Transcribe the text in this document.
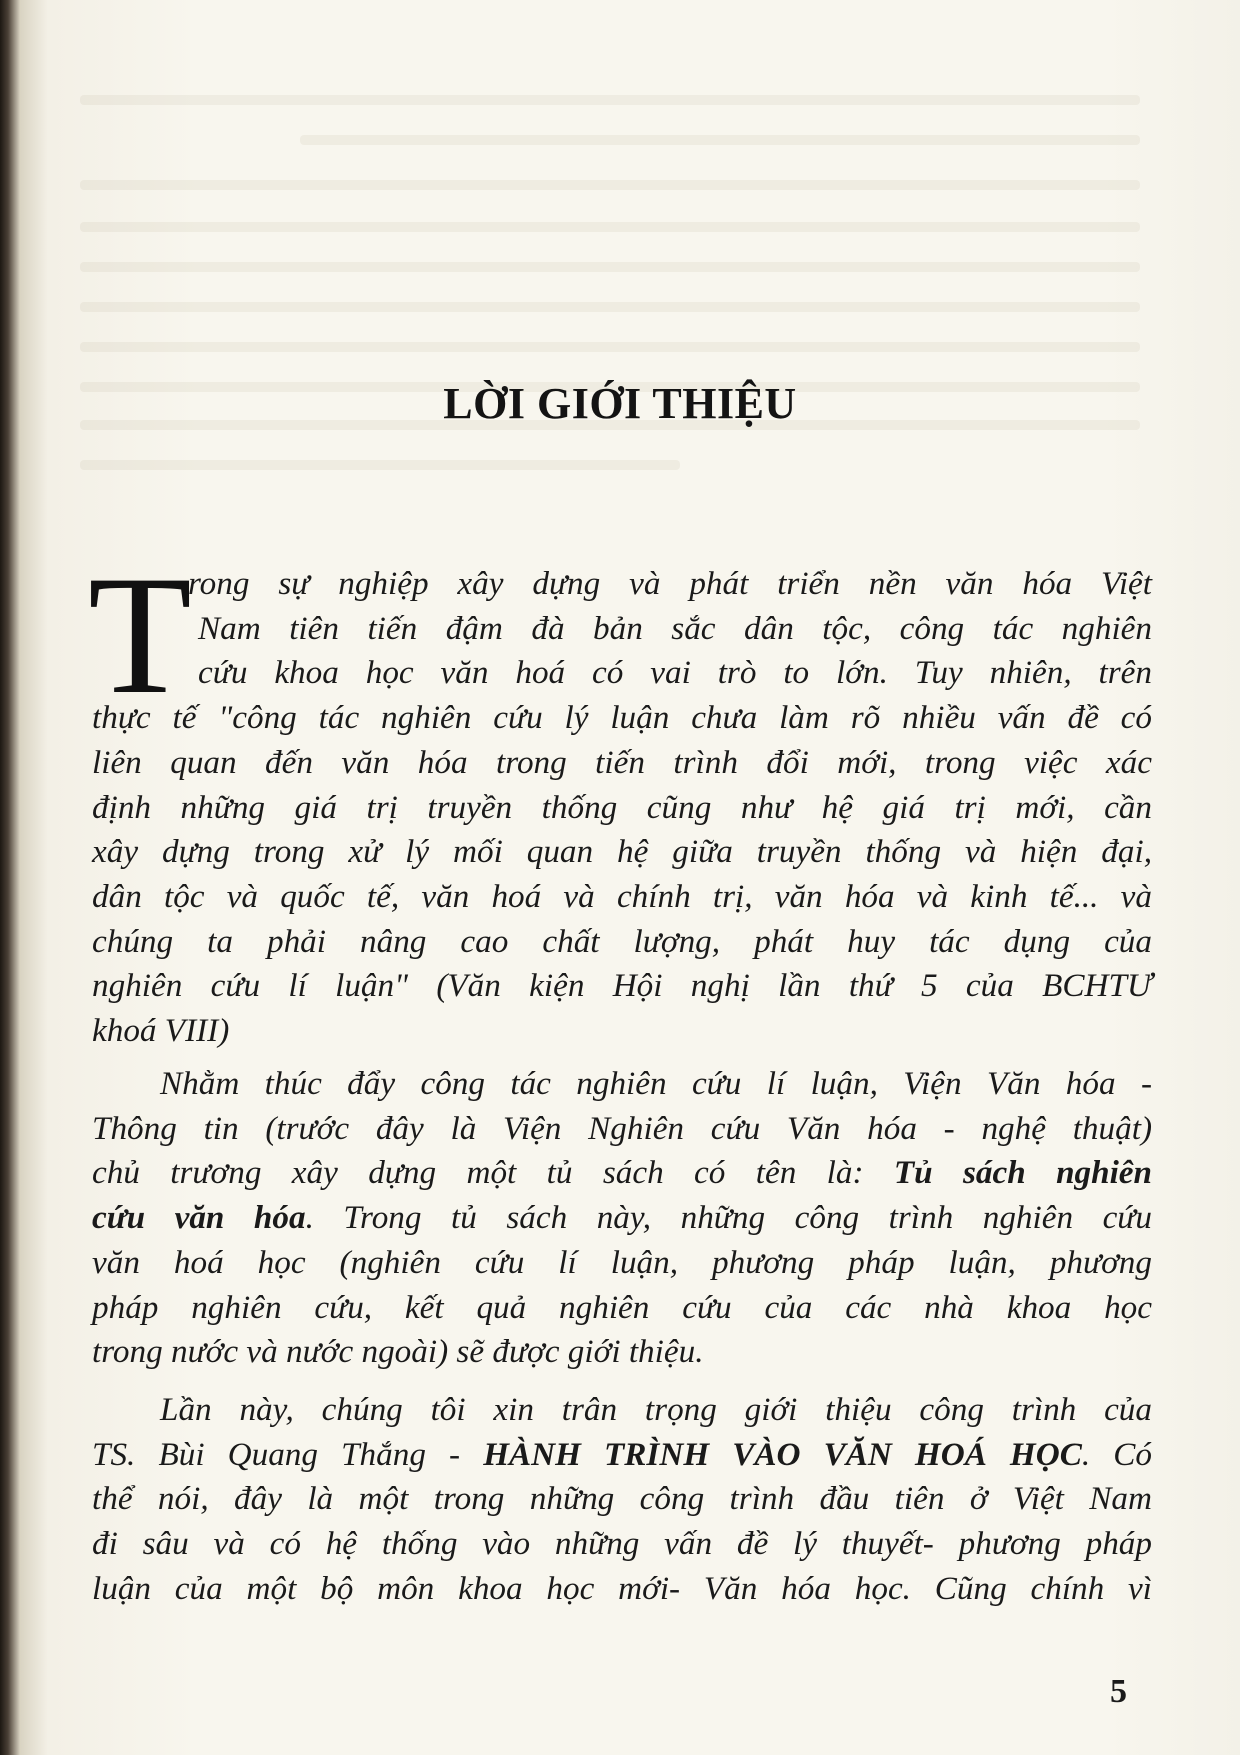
LỜI GIỚI THIỆU
T
rong sự nghiệp xây dựng và phát triển nền văn hóa Việt
Nam tiên tiến đậm đà bản sắc dân tộc, công tác nghiên
cứu khoa học văn hoá có vai trò to lớn. Tuy nhiên, trên
thực tế "công tác nghiên cứu lý luận chưa làm rõ nhiều vấn đề có
liên quan đến văn hóa trong tiến trình đổi mới, trong việc xác
định những giá trị truyền thống cũng như hệ giá trị mới, cần
xây dựng trong xử lý mối quan hệ giữa truyền thống và hiện đại,
dân tộc và quốc tế, văn hoá và chính trị, văn hóa và kinh tế... và
chúng ta phải nâng cao chất lượng, phát huy tác dụng của
nghiên cứu lí luận" (Văn kiện Hội nghị lần thứ 5 của BCHTƯ
khoá VIII)
Nhằm thúc đẩy công tác nghiên cứu lí luận, Viện Văn hóa -
Thông tin (trước đây là Viện Nghiên cứu Văn hóa - nghệ thuật)
chủ trương xây dựng một tủ sách có tên là: Tủ sách nghiên
cứu văn hóa. Trong tủ sách này, những công trình nghiên cứu
văn hoá học (nghiên cứu lí luận, phương pháp luận, phương
pháp nghiên cứu, kết quả nghiên cứu của các nhà khoa học
trong nước và nước ngoài) sẽ được giới thiệu.
Lần này, chúng tôi xin trân trọng giới thiệu công trình của
TS. Bùi Quang Thắng - HÀNH TRÌNH VÀO VĂN HOÁ HỌC. Có
thể nói, đây là một trong những công trình đầu tiên ở Việt Nam
đi sâu và có hệ thống vào những vấn đề lý thuyết- phương pháp
luận của một bộ môn khoa học mới- Văn hóa học. Cũng chính vì
5
